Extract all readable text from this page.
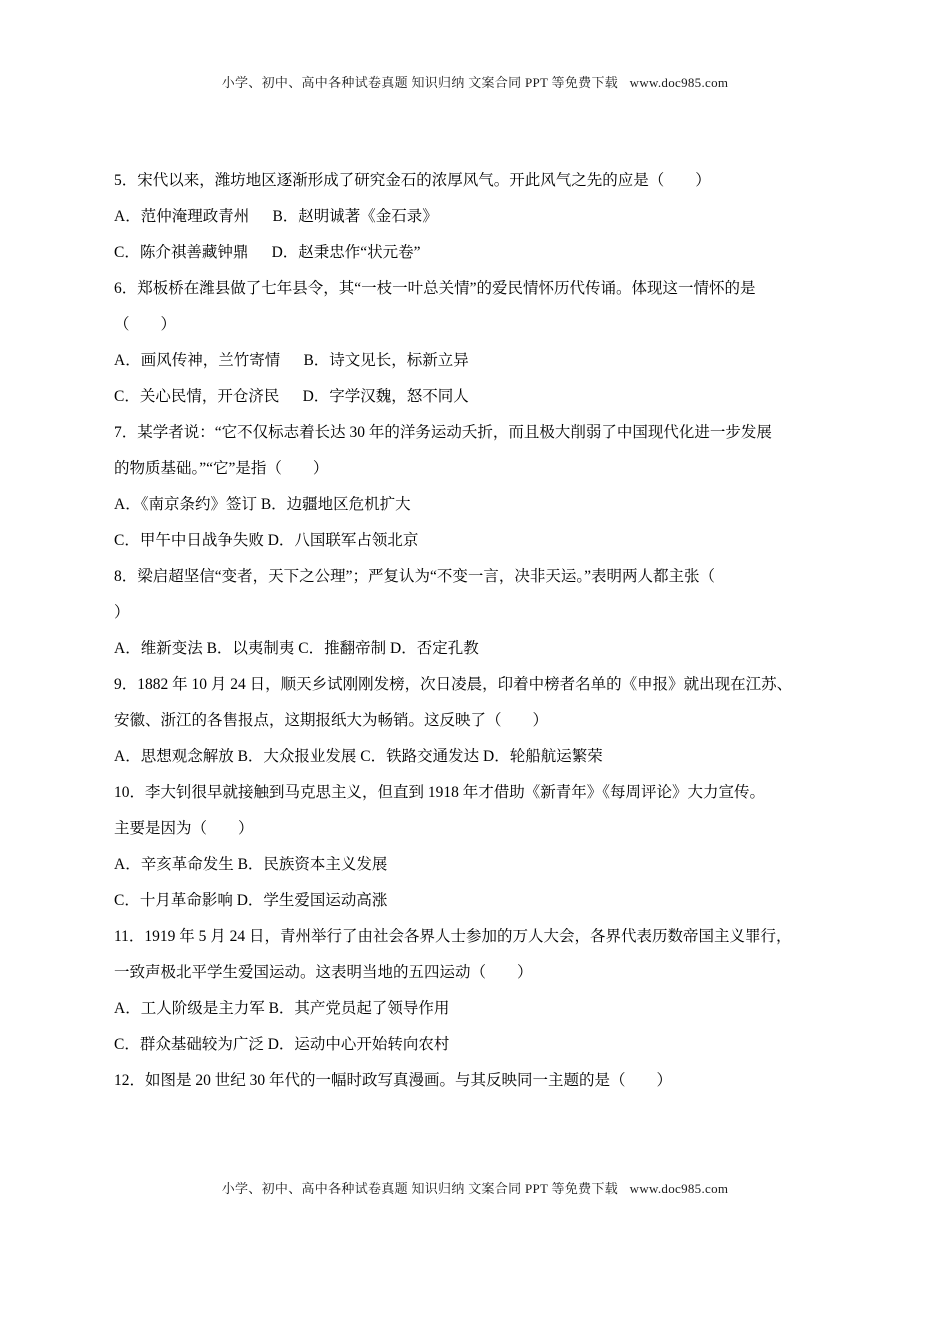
小学、初中、高中各种试卷真题 知识归纳 文案合同 PPT 等免费下载 www.doc985.com

5．宋代以来，潍坊地区逐渐形成了研究金石的浓厚风气。开此风气之先的应是（　　）

A．范仲淹理政青州　  B．赵明诚著《金石录》

C．陈介祺善藏钟鼎　  D．赵秉忠作“状元卷”

6．郑板桥在潍县做了七年县令，其“一枝一叶总关情”的爱民情怀历代传诵。体现这一情怀的是

（　　）

A．画风传神，兰竹寄情　  B．诗文见长，标新立异

C．关心民情，开仓济民　  D．字学汉魏，怒不同人

7．某学者说：“它不仅标志着长达 30 年的洋务运动夭折，而且极大削弱了中国现代化进一步发展

的物质基础。”“它”是指（　　）

A．《南京条约》签订 B．边疆地区危机扩大

C．甲午中日战争失败 D．八国联军占领北京

8．梁启超坚信“变者，天下之公理”；严复认为“不变一言，决非天运。”表明两人都主张（

）

A．维新变法 B．以夷制夷 C．推翻帝制 D．否定孔教

9．1882 年 10 月 24 日，顺天乡试刚刚发榜，次日凌晨，印着中榜者名单的《申报》就出现在江苏、

安徽、浙江的各售报点，这期报纸大为畅销。这反映了（　　）

A．思想观念解放 B．大众报业发展 C．铁路交通发达 D．轮船航运繁荣

10．李大钊很早就接触到马克思主义，但直到 1918 年才借助《新青年》《每周评论》大力宣传。

主要是因为（　　）

A．辛亥革命发生 B．民族资本主义发展

C．十月革命影响 D．学生爱国运动高涨

11．1919 年 5 月 24 日，青州举行了由社会各界人士参加的万人大会，各界代表历数帝国主义罪行，

一致声极北平学生爱国运动。这表明当地的五四运动（　　）

A．工人阶级是主力军 B．其产党员起了领导作用

C．群众基础较为广泛 D．运动中心开始转向农村

12．如图是 20 世纪 30 年代的一幅时政写真漫画。与其反映同一主题的是（　　）

小学、初中、高中各种试卷真题 知识归纳 文案合同 PPT 等免费下载 www.doc985.com
